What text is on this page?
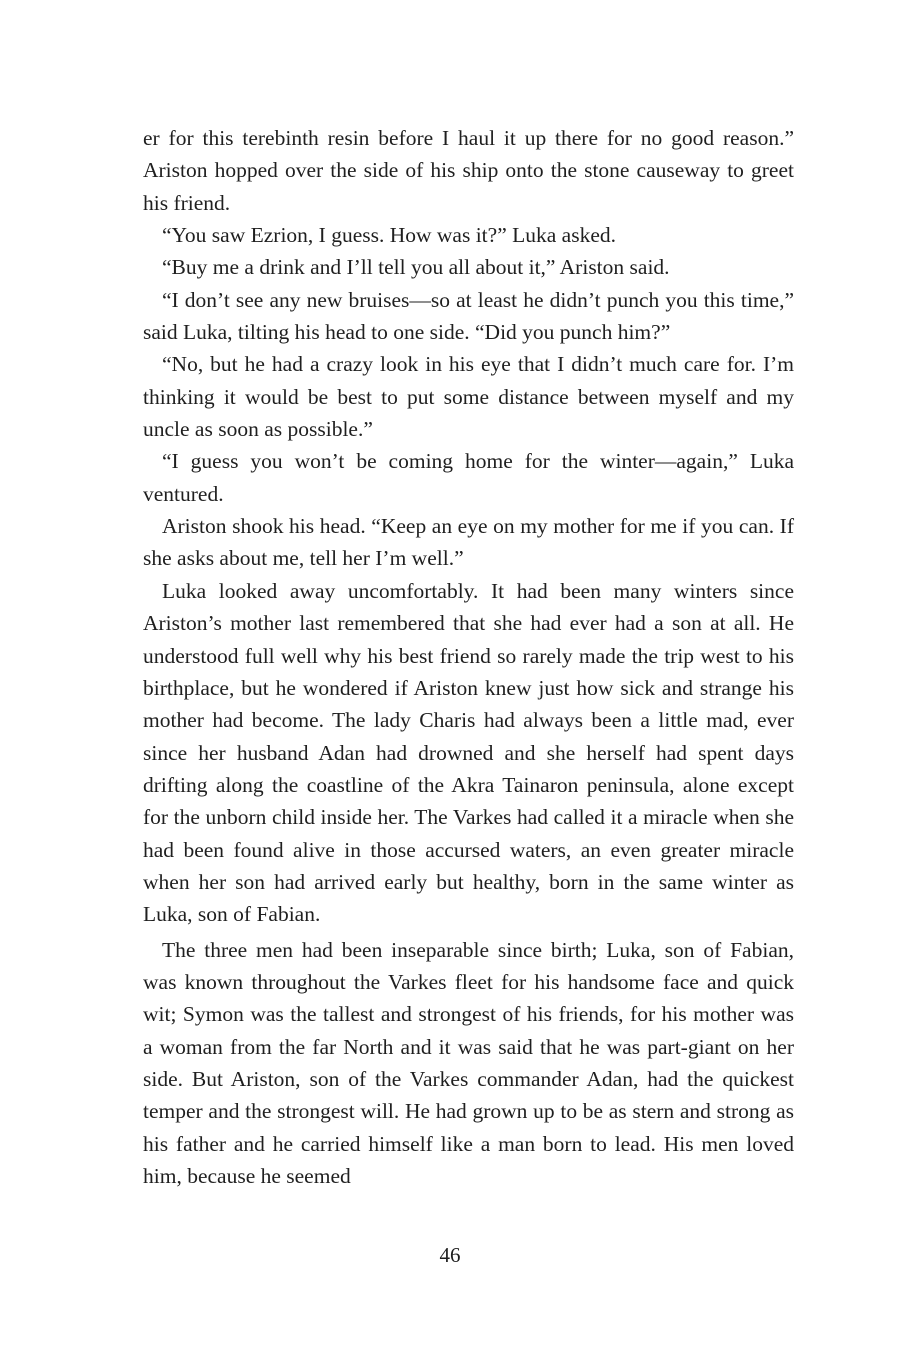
er for this terebinth resin before I haul it up there for no good reason.” Ariston hopped over the side of his ship onto the stone causeway to greet his friend.

“You saw Ezrion, I guess. How was it?” Luka asked.

“Buy me a drink and I’ll tell you all about it,” Ariston said.

“I don’t see any new bruises—so at least he didn’t punch you this time,” said Luka, tilting his head to one side. “Did you punch him?”

“No, but he had a crazy look in his eye that I didn’t much care for. I’m thinking it would be best to put some distance between myself and my uncle as soon as possible.”

“I guess you won’t be coming home for the winter—again,” Luka ventured.

Ariston shook his head. “Keep an eye on my mother for me if you can. If she asks about me, tell her I’m well.”

Luka looked away uncomfortably. It had been many winters since Ariston’s mother last remembered that she had ever had a son at all. He understood full well why his best friend so rarely made the trip west to his birthplace, but he wondered if Ariston knew just how sick and strange his mother had become. The lady Charis had always been a little mad, ever since her husband Adan had drowned and she herself had spent days drifting along the coastline of the Akra Tainaron peninsula, alone except for the unborn child inside her. The Varkes had called it a miracle when she had been found alive in those accursed waters, an even greater miracle when her son had arrived early but healthy, born in the same winter as Luka, son of Fabian.

The three men had been inseparable since birth; Luka, son of Fabian, was known throughout the Varkes fleet for his handsome face and quick wit; Symon was the tallest and strongest of his friends, for his mother was a woman from the far North and it was said that he was part-giant on her side. But Ariston, son of the Varkes commander Adan, had the quickest temper and the strongest will. He had grown up to be as stern and strong as his father and he carried himself like a man born to lead. His men loved him, because he seemed

46
